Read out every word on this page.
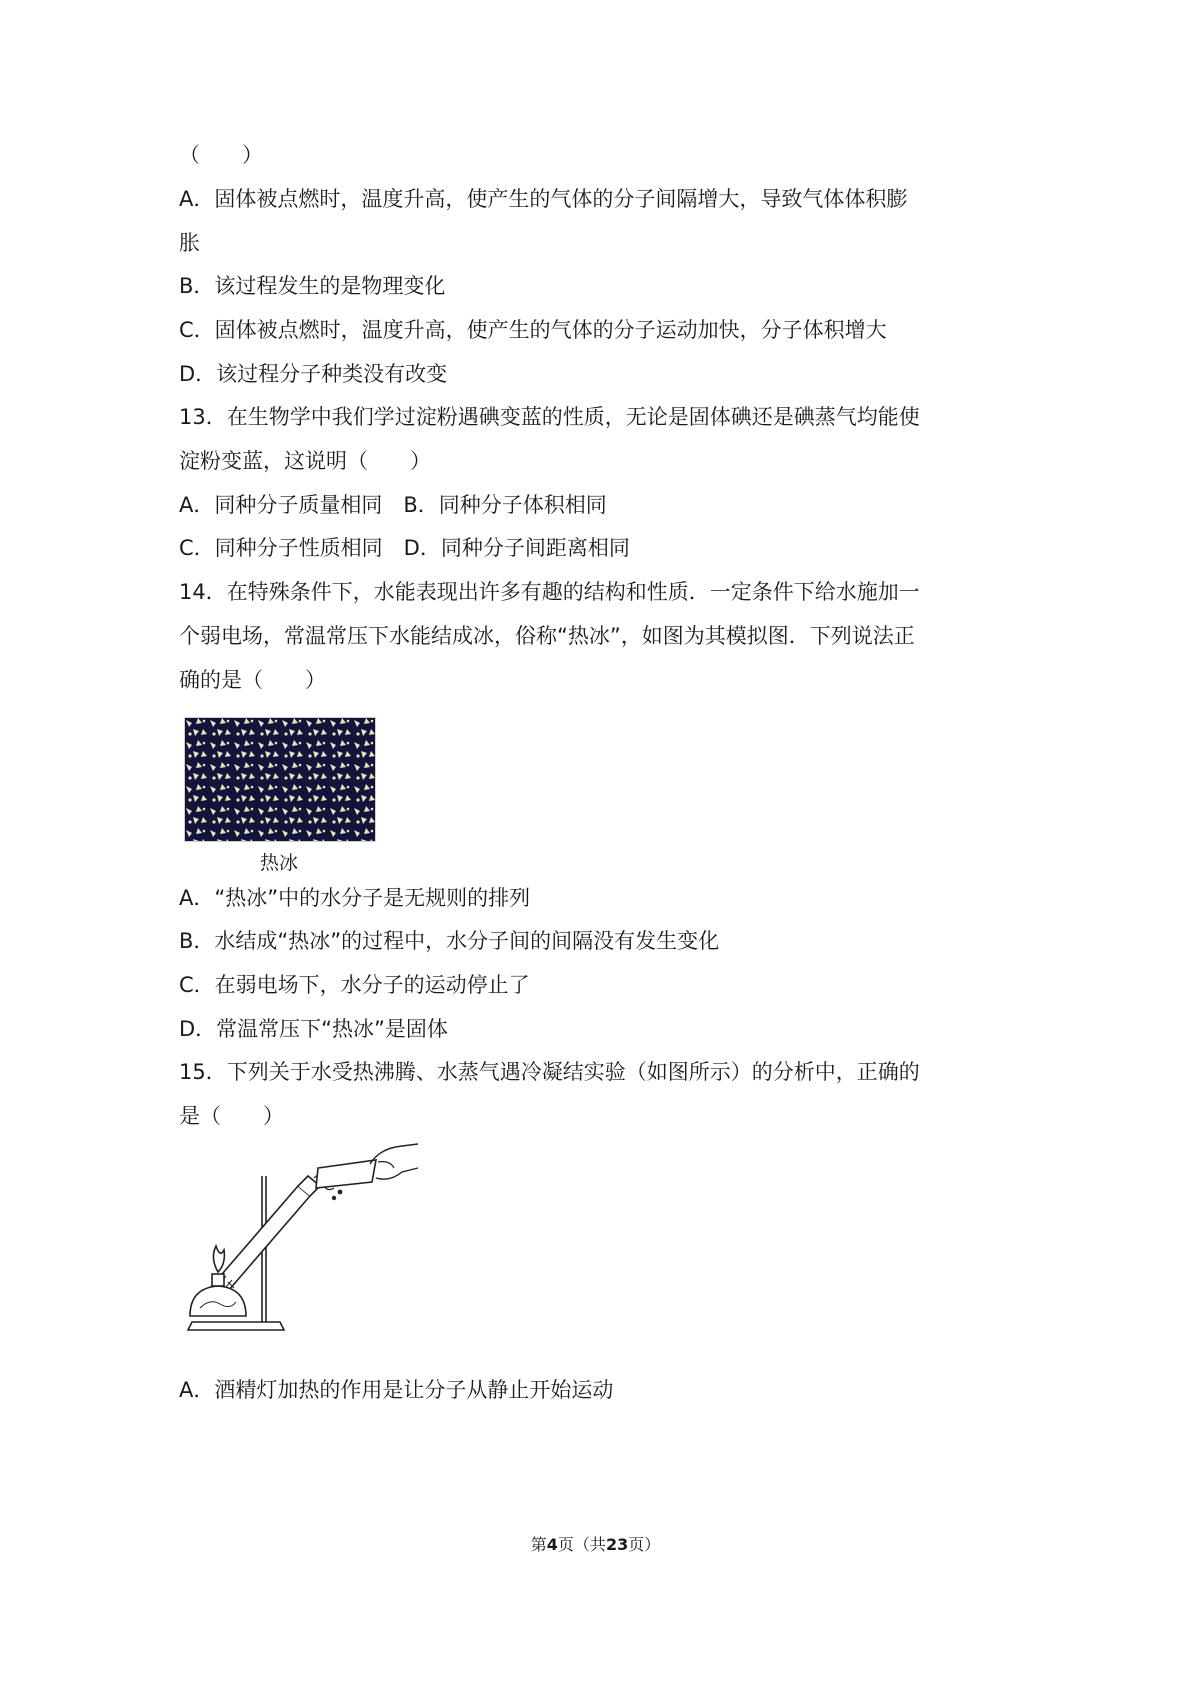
（　　）
A．固体被点燃时，温度升高，使产生的气体的分子间隔增大，导致气体体积膨
胀
B．该过程发生的是物理变化
C．固体被点燃时，温度升高，使产生的气体的分子运动加快，分子体积增大
D．该过程分子种类没有改变
13．在生物学中我们学过淀粉遇碘变蓝的性质，无论是固体碘还是碘蒸气均能使
淀粉变蓝，这说明（　　）
A．同种分子质量相同　B．同种分子体积相同
C．同种分子性质相同　D．同种分子间距离相同
14．在特殊条件下，水能表现出许多有趣的结构和性质．一定条件下给水施加一
个弱电场，常温常压下水能结成冰，俗称“热冰”，如图为其模拟图．下列说法正
确的是（　　）
热冰
A．“热冰”中的水分子是无规则的排列
B．水结成“热冰”的过程中，水分子间的间隔没有发生变化
C．在弱电场下，水分子的运动停止了
D．常温常压下“热冰”是固体
15．下列关于水受热沸腾、水蒸气遇冷凝结实验（如图所示）的分析中，正确的
是（　　）
A．酒精灯加热的作用是让分子从静止开始运动
第4页（共23页）
